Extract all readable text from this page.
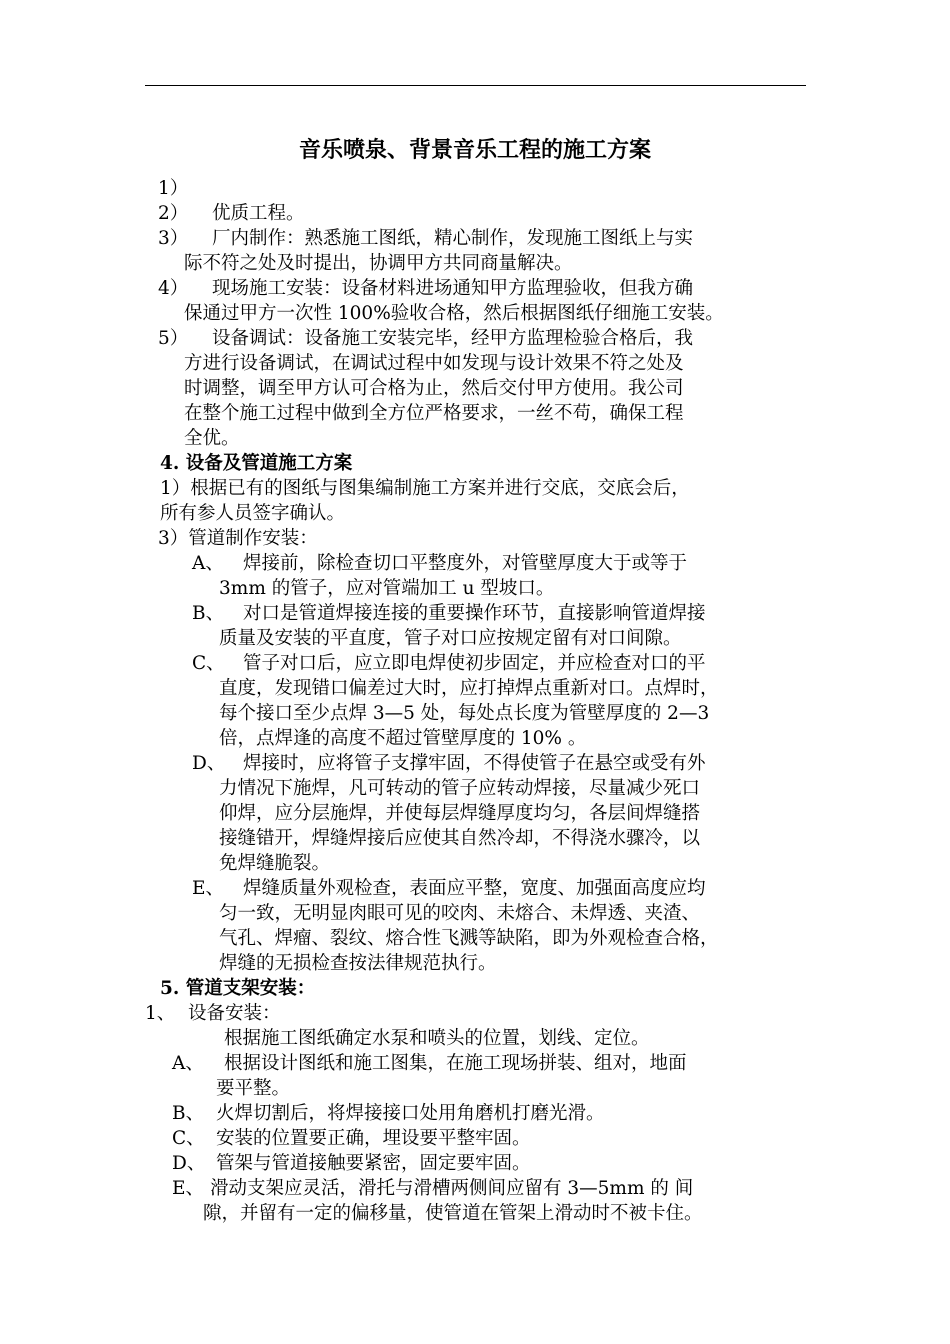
音乐喷泉、背景音乐工程的施工方案
1）
2） 优质工程。
3） 厂内制作：熟悉施工图纸，精心制作，发现施工图纸上与实
际不符之处及时提出，协调甲方共同商量解决。
4） 现场施工安装：设备材料进场通知甲方监理验收，但我方确
保通过甲方一次性 100%验收合格，然后根据图纸仔细施工安装。
5） 设备调试：设备施工安装完毕，经甲方监理检验合格后，我
方进行设备调试，在调试过程中如发现与设计效果不符之处及
时调整，调至甲方认可合格为止，然后交付甲方使用。我公司
在整个施工过程中做到全方位严格要求，一丝不苟，确保工程
全优。
4. 设备及管道施工方案
1）根据已有的图纸与图集编制施工方案并进行交底，交底会后，
所有参人员签字确认。
3）管道制作安装：
A、 焊接前，除检查切口平整度外，对管壁厚度大于或等于
3mm 的管子，应对管端加工 u 型坡口。
B、 对口是管道焊接连接的重要操作环节，直接影响管道焊接
质量及安装的平直度，管子对口应按规定留有对口间隙。
C、 管子对口后，应立即电焊使初步固定，并应检查对口的平
直度，发现错口偏差过大时，应打掉焊点重新对口。点焊时，
每个接口至少点焊 3—5 处，每处点长度为管壁厚度的 2—3
倍，点焊逢的高度不超过管壁厚度的 10% 。
D、 焊接时，应将管子支撑牢固，不得使管子在悬空或受有外
力情况下施焊，凡可转动的管子应转动焊接，尽量减少死口
仰焊，应分层施焊，并使每层焊缝厚度均匀，各层间焊缝搭
接缝错开，焊缝焊接后应使其自然冷却，不得浇水骤冷，以
免焊缝脆裂。
E、 焊缝质量外观检查，表面应平整，宽度、加强面高度应均
匀一致，无明显肉眼可见的咬肉、未熔合、未焊透、夹渣、
气孔、焊瘤、裂纹、熔合性飞溅等缺陷，即为外观检查合格，
焊缝的无损检查按法律规范执行。
5. 管道支架安装：
1、 设备安装：
根据施工图纸确定水泵和喷头的位置，划线、定位。
A、 根据设计图纸和施工图集，在施工现场拼装、组对，地面
要平整。
B、 火焊切割后，将焊接接口处用角磨机打磨光滑。
C、 安装的位置要正确，埋设要平整牢固。
D、 管架与管道接触要紧密，固定要牢固。
E、 滑动支架应灵活，滑托与滑槽两侧间应留有 3—5mm 的 间
隙，并留有一定的偏移量，使管道在管架上滑动时不被卡住。
